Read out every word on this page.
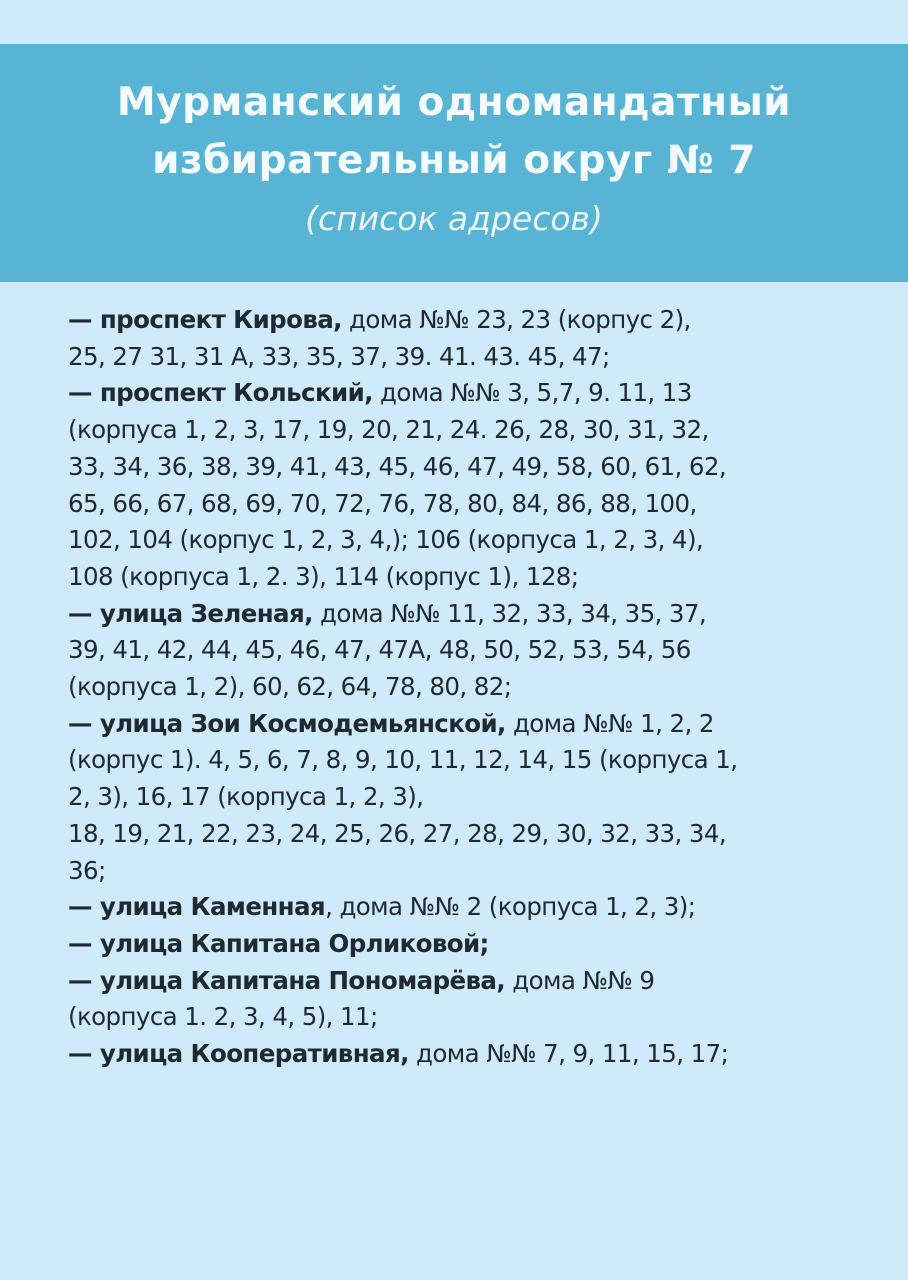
Мурманский одномандатный
избирательный округ № 7
(список адресов)
— проспект Кирова, дома №№ 23, 23 (корпус 2),
25, 27 31, 31 А, 33, 35, 37, 39. 41. 43. 45, 47;
— проспект Кольский, дома №№ 3, 5,7, 9. 11, 13
(корпуса 1, 2, 3, 17, 19, 20, 21, 24. 26, 28, 30, 31, 32,
33, 34, 36, 38, 39, 41, 43, 45, 46, 47, 49, 58, 60, 61, 62,
65, 66, 67, 68, 69, 70, 72, 76, 78, 80, 84, 86, 88, 100,
102, 104 (корпус 1, 2, 3, 4,); 106 (корпуса 1, 2, 3, 4),
108 (корпуса 1, 2. 3), 114 (корпус 1), 128;
— улица Зеленая, дома №№ 11, 32, 33, 34, 35, 37,
39, 41, 42, 44, 45, 46, 47, 47А, 48, 50, 52, 53, 54, 56
(корпуса 1, 2), 60, 62, 64, 78, 80, 82;
— улица Зои Космодемьянской, дома №№ 1, 2, 2
(корпус 1). 4, 5, 6, 7, 8, 9, 10, 11, 12, 14, 15 (корпуса 1,
2, 3), 16, 17 (корпуса 1, 2, 3),
18, 19, 21, 22, 23, 24, 25, 26, 27, 28, 29, 30, 32, 33, 34,
36;
— улица Каменная, дома №№ 2 (корпуса 1, 2, 3);
— улица Капитана Орликовой;
— улица Капитана Пономарёва, дома №№ 9
(корпуса 1. 2, 3, 4, 5), 11;
— улица Кооперативная, дома №№ 7, 9, 11, 15, 17;
